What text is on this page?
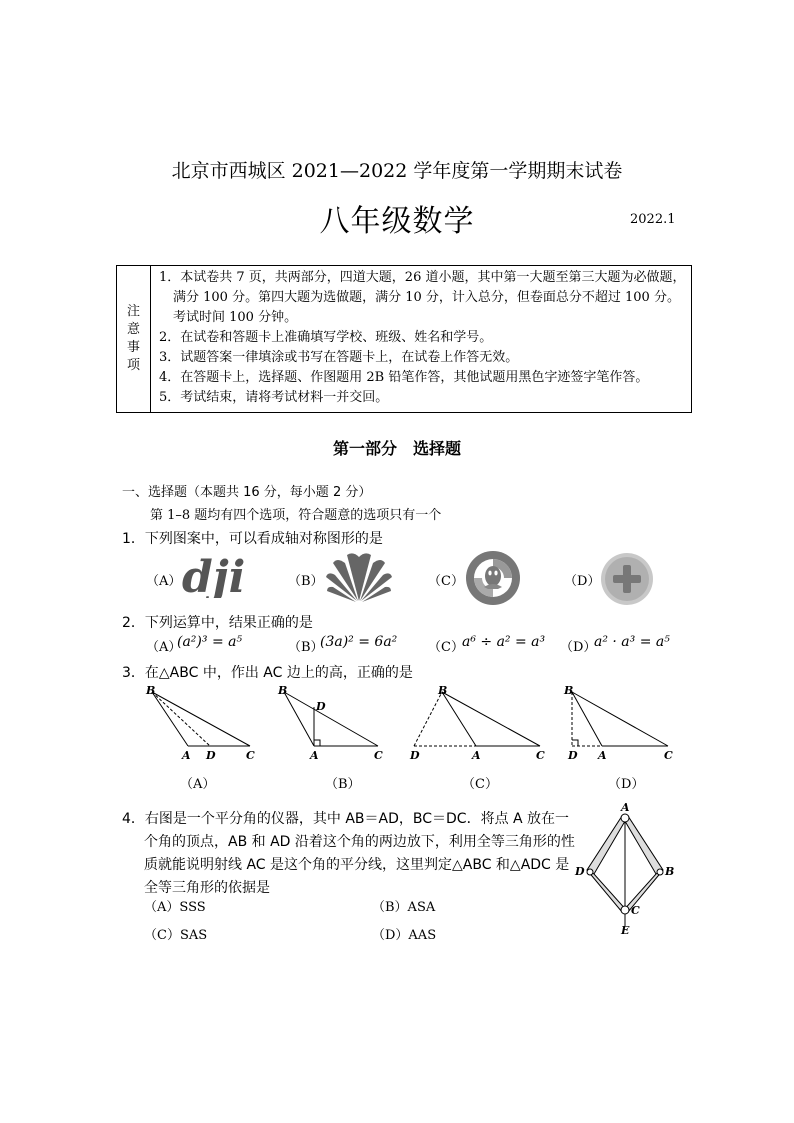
北京市西城区 2021—2022 学年度第一学期期末试卷
八年级数学	2022.1
注
意
事
项
1．本试卷共 7 页，共两部分，四道大题，26 道小题，其中第一大题至第三大题为必做题，满分 100 分。第四大题为选做题，满分 10 分，计入总分，但卷面总分不超过 100 分。考试时间 100 分钟。
2．在试卷和答题卡上准确填写学校、班级、姓名和学号。
3．试题答案一律填涂或书写在答题卡上，在试卷上作答无效。
4．在答题卡上，选择题、作图题用 2B 铅笔作答，其他试题用黑色字迹签字笔作答。
5．考试结束，请将考试材料一并交回。
第一部分　选择题
一、选择题（本题共 16 分，每小题 2 分）
第 1–8 题均有四个选项，符合题意的选项只有一个
1．下列图案中，可以看成轴对称图形的是
（A） dji	（B）	（C）	（D）
2．下列运算中，结果正确的是
（A）
(a²)³ = a⁵	（B）
(3a)² = 6a² （C）
a⁶ ÷ a² = a³ （D）
a² · a³ = a⁵
3．在△ABC 中，作出 AC 边上的高，正确的是
B
A D	C
B
D
A	C
B
D	A	C
B
D A	C
（A）	（B）	（C）	（D）
4．右图是一个平分角的仪器，其中 AB＝AD，BC＝DC．将点 A 放在一
个角的顶点，AB 和 AD 沿着这个角的两边放下，利用全等三角形的性
质就能说明射线 AC 是这个角的平分线，这里判定△ABC 和△ADC 是
全等三角形的依据是
（A）SSS	（B）ASA
（C）SAS	（D）AAS
A
B
C
D
E
